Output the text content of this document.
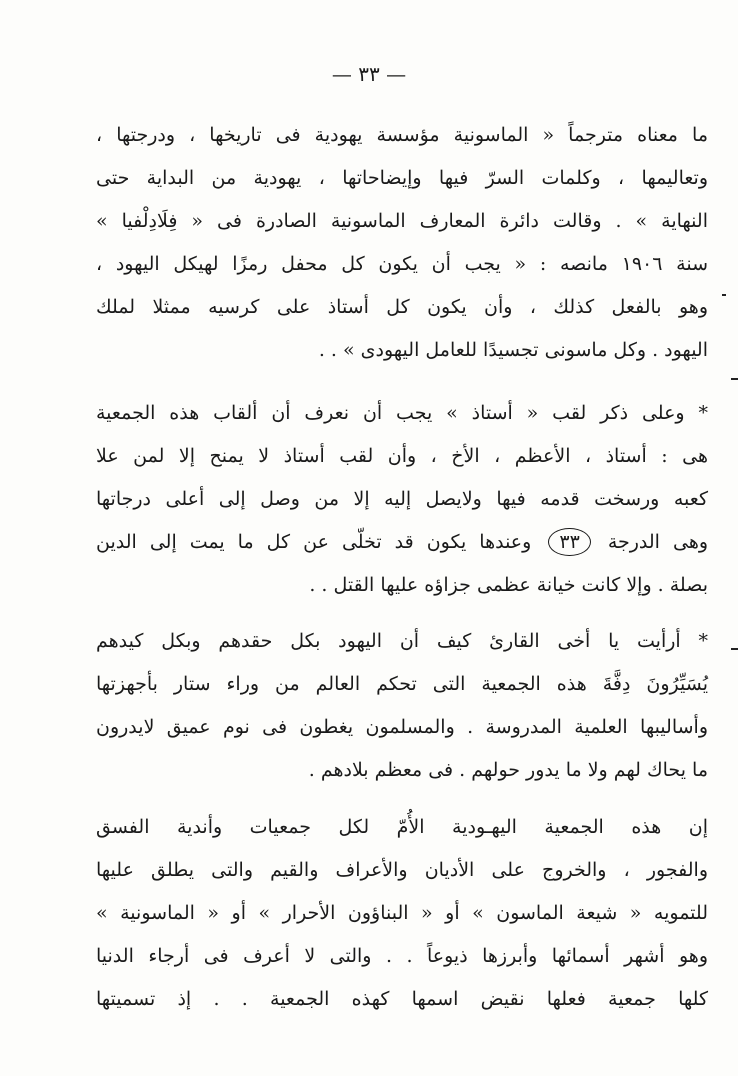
— ٣٣ —
ما معناه مترجماً « الماسونية مؤسسة يهودية فى تاريخها ، ودرجتها ،
وتعاليمها ، وكلمات السرّ فيها وإيضاحاتها ، يهودية من البداية حتى
النهاية » . وقالت دائرة المعارف الماسونية الصادرة فى « فِلَادِلْفيا »
سنة ١٩٠٦ مانصه : « يجب أن يكون كل محفل رمزًا لهيكل اليهود ،
وهو بالفعل كذلك ، وأن يكون كل أستاذ على كرسيه ممثلا لملك
اليهود . وكل ماسونى تجسيدًا للعامل اليهودى » . .
* وعلى ذكر لقب « أستاذ » يجب أن نعرف أن ألقاب هذه الجمعية
هى : أستاذ ، الأعظم ، الأخ ، وأن لقب أستاذ لا يمنح إلا لمن علا
كعبه ورسخت قدمه فيها ولايصل إليه إلا من وصل إلى أعلى درجاتها
وهى الدرجة ٣٣ وعندها يكون قد تخلّى عن كل ما يمت إلى الدين
بصلة . وإلا كانت خيانة عظمى جزاؤه عليها القتل . .
* أرأيت يا أخى القارئ كيف أن اليهود بكل حقدهم وبكل كيدهم
يُسَيِّرُونَ دِفَّةَ هذه الجمعية التى تحكم العالم من وراء ستار بأجهزتها
وأساليبها العلمية المدروسة . والمسلمون يغطون فى نوم عميق لايدرون
ما يحاك لهم ولا ما يدور حولهم . فى معظم بلادهم .
إن هذه الجمعية اليهـودية الأُمّ لكل جمعيات وأندية الفسق
والفجور ، والخروج على الأديان والأعراف والقيم والتى يطلق عليها
للتمويه « شيعة الماسون » أو « البناؤون الأحرار » أو « الماسونية »
وهو أشهر أسمائها وأبرزها ذيوعاً . . والتى لا أعرف فى أرجاء الدنيا
كلها جمعية فعلها نقيض اسمها كهذه الجمعية . . إذ تسميتها
